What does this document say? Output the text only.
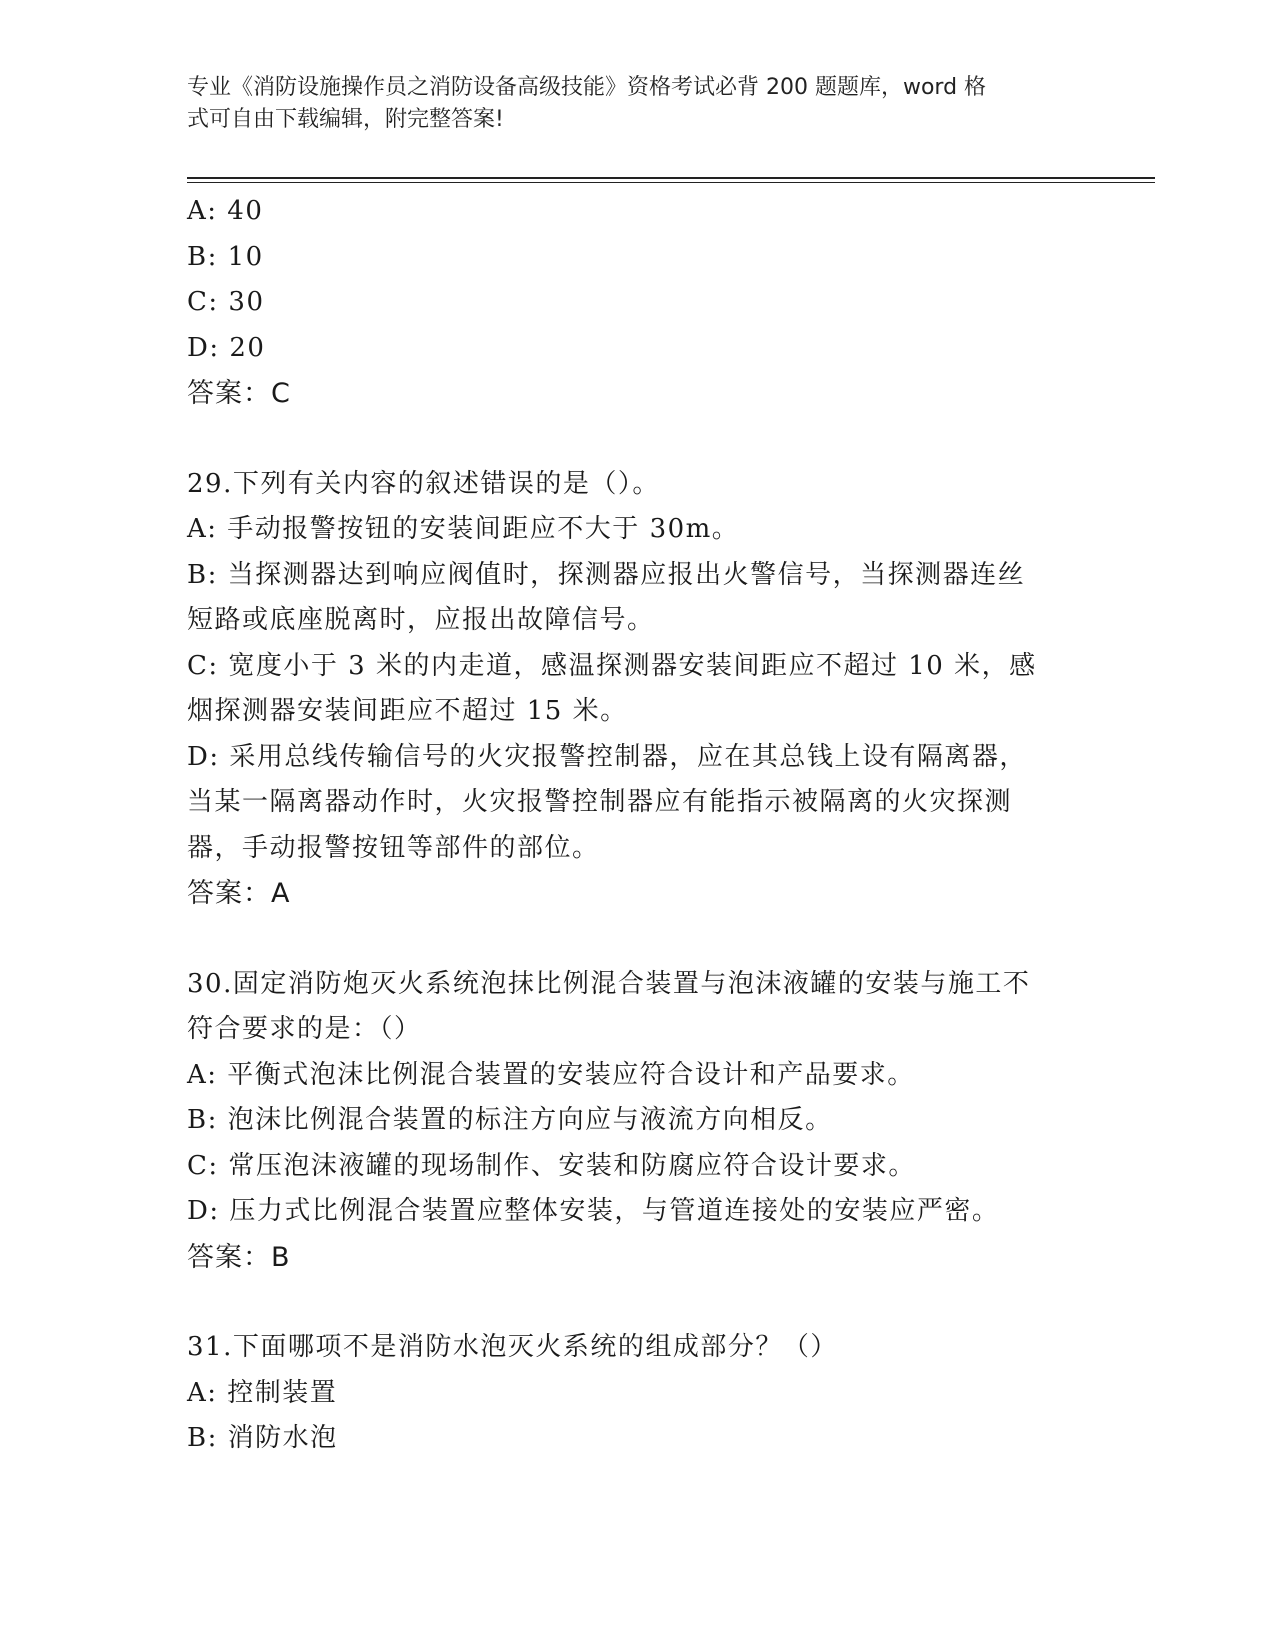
专业《消防设施操作员之消防设备高级技能》资格考试必背 200 题题库，word 格
式可自由下载编辑，附完整答案!
A: 40
B: 10
C: 30
D: 20
答案：C
29.下列有关内容的叙述错误的是（）。
A: 手动报警按钮的安装间距应不大于 30m。
B: 当探测器达到响应阀值时，探测器应报出火警信号，当探测器连丝
短路或底座脱离时，应报出故障信号。
C: 宽度小于 3 米的内走道，感温探测器安装间距应不超过 10 米，感
烟探测器安装间距应不超过 15 米。
D: 采用总线传输信号的火灾报警控制器，应在其总钱上设有隔离器，
当某一隔离器动作时，火灾报警控制器应有能指示被隔离的火灾探测
器，手动报警按钮等部件的部位。
答案：A
30.固定消防炮灭火系统泡抹比例混合装置与泡沫液罐的安装与施工不
符合要求的是：（）
A: 平衡式泡沫比例混合装置的安装应符合设计和产品要求。
B: 泡沫比例混合装置的标注方向应与液流方向相反。
C: 常压泡沫液罐的现场制作、安装和防腐应符合设计要求。
D: 压力式比例混合装置应整体安装，与管道连接处的安装应严密。
答案：B
31.下面哪项不是消防水泡灭火系统的组成部分？（）
A: 控制装置
B: 消防水泡
